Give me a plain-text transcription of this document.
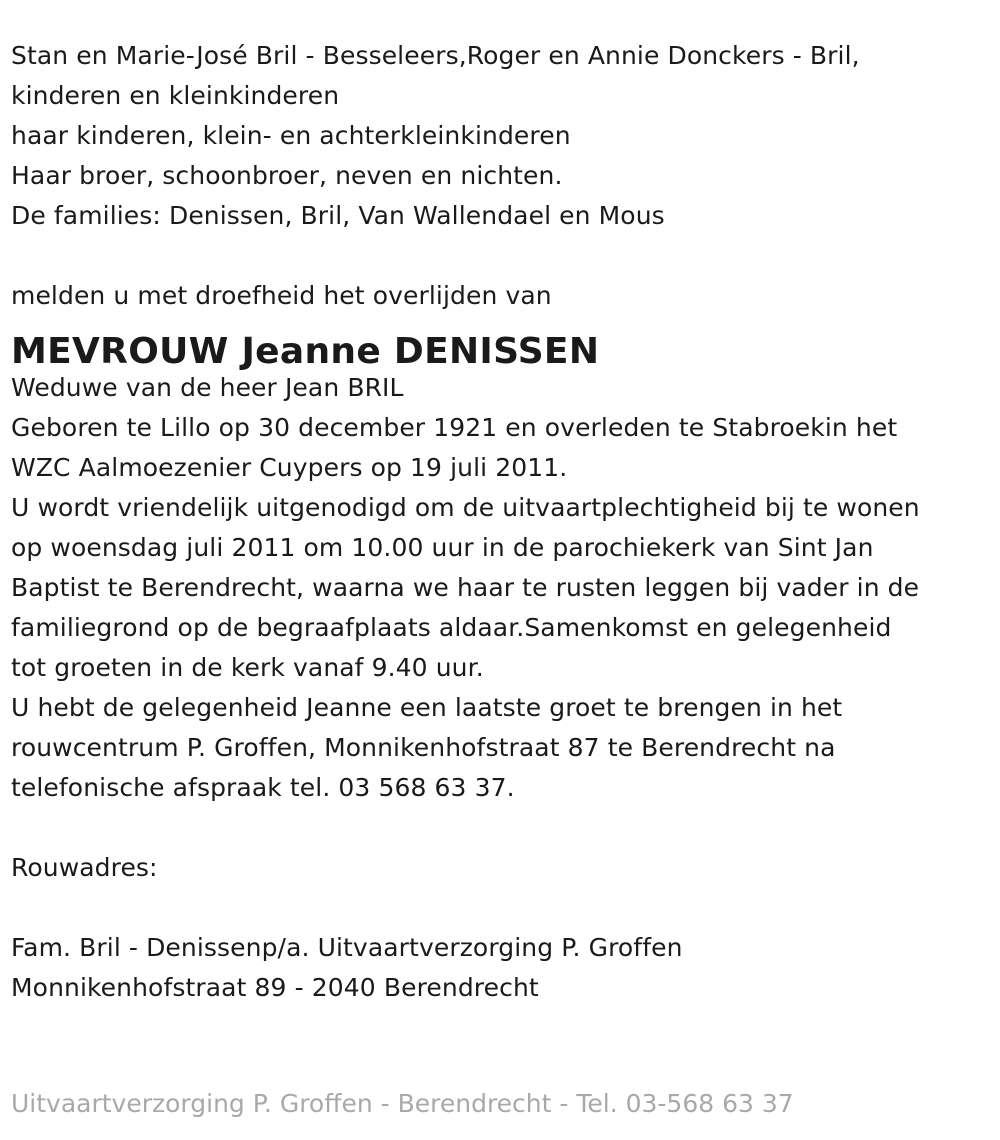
Stan en Marie-José Bril - Besseleers,Roger en Annie Donckers - Bril,
kinderen en kleinkinderen
haar kinderen, klein- en achterkleinkinderen
Haar broer, schoonbroer, neven en nichten.
De families: Denissen, Bril, Van Wallendael en Mous
melden u met droefheid het overlijden van
MEVROUW Jeanne DENISSEN
Weduwe van de heer Jean BRIL
Geboren te Lillo op 30 december 1921 en overleden te Stabroekin het
WZC Aalmoezenier Cuypers op 19 juli 2011.
U wordt vriendelijk uitgenodigd om de uitvaartplechtigheid bij te wonen
op woensdag juli 2011 om 10.00 uur in de parochiekerk van Sint Jan
Baptist te Berendrecht, waarna we haar te rusten leggen bij vader in de
familiegrond op de begraafplaats aldaar.Samenkomst en gelegenheid
tot groeten in de kerk vanaf 9.40 uur.
U hebt de gelegenheid Jeanne een laatste groet te brengen in het
rouwcentrum P. Groffen, Monnikenhofstraat 87 te Berendrecht na
telefonische afspraak tel. 03 568 63 37.
Rouwadres:
Fam. Bril - Denissenp/a. Uitvaartverzorging P. Groffen
Monnikenhofstraat 89 - 2040 Berendrecht
Uitvaartverzorging P. Groffen - Berendrecht - Tel. 03-568 63 37
